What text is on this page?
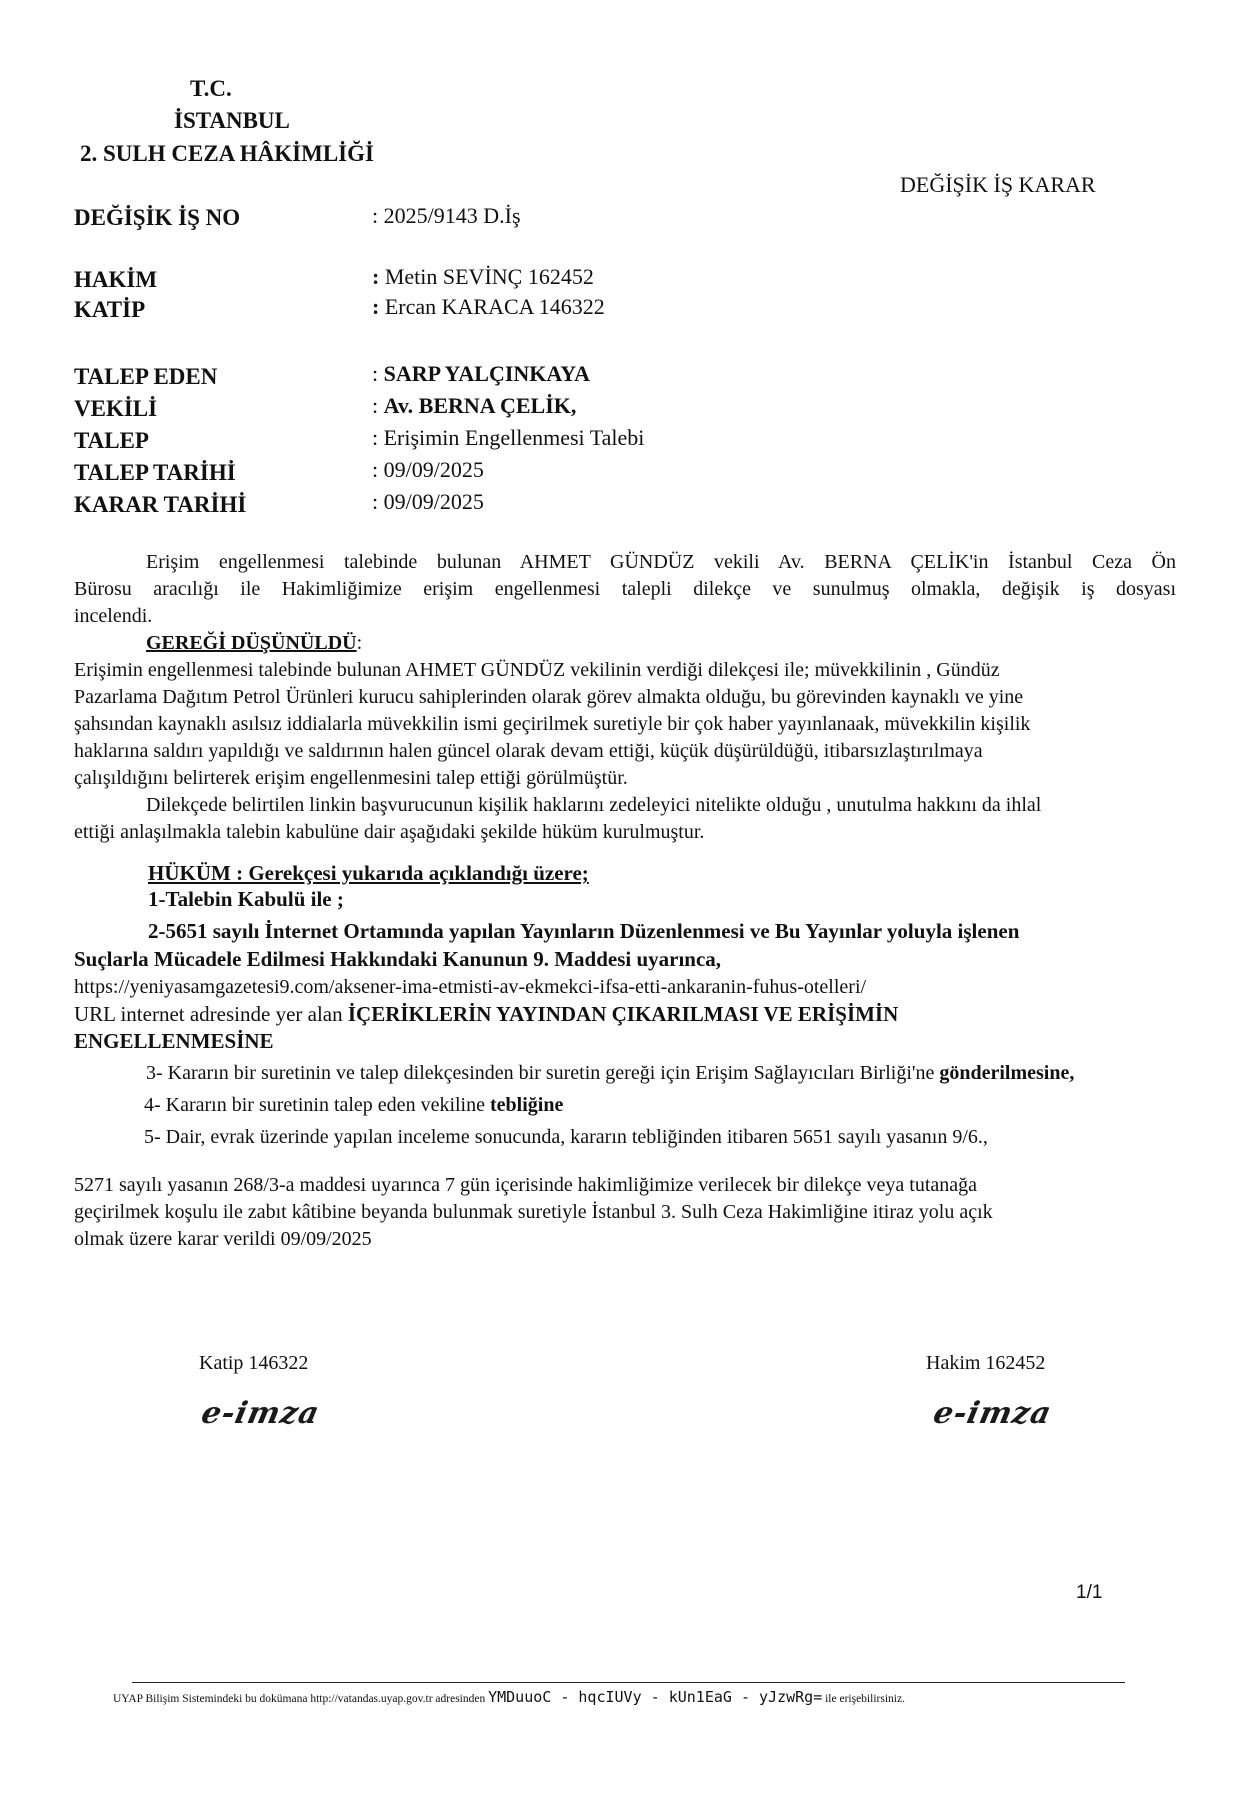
T.C.
İSTANBUL
2. SULH CEZA HÂKİMLİĞİ
DEĞİŞİK İŞ KARAR
DEĞİŞİK İŞ NO	: 2025/9143 D.İş
HAKİM	: Metin SEVİNÇ 162452
KATİP	: Ercan KARACA 146322
TALEP EDEN	: SARP YALÇINKAYA
VEKİLİ	: Av. BERNA ÇELİK,
TALEP	: Erişimin Engellenmesi Talebi
TALEP TARİHİ	: 09/09/2025
KARAR TARİHİ	: 09/09/2025
Erişim engellenmesi talebinde bulunan AHMET GÜNDÜZ vekili Av. BERNA ÇELİK'in İstanbul Ceza Ön
Bürosu aracılığı ile Hakimliğimize erişim engellenmesi talepli dilekçe ve sunulmuş olmakla, değişik iş dosyası
incelendi.
GEREĞİ DÜŞÜNÜLDÜ:
Erişimin engellenmesi talebinde bulunan AHMET GÜNDÜZ vekilinin verdiği dilekçesi ile; müvekkilinin , Gündüz
Pazarlama Dağıtım Petrol Ürünleri kurucu sahiplerinden olarak görev almakta olduğu, bu görevinden kaynaklı ve yine
şahsından kaynaklı asılsız iddialarla müvekkilin ismi geçirilmek suretiyle bir çok haber yayınlanaak, müvekkilin kişilik
haklarına saldırı yapıldığı ve saldırının halen güncel olarak devam ettiği, küçük düşürüldüğü, itibarsızlaştırılmaya
çalışıldığını belirterek erişim engellenmesini talep ettiği görülmüştür.
Dilekçede belirtilen linkin başvurucunun kişilik haklarını zedeleyici nitelikte olduğu , unutulma hakkını da ihlal
ettiği anlaşılmakla talebin kabulüne dair aşağıdaki şekilde hüküm kurulmuştur.
HÜKÜM : Gerekçesi yukarıda açıklandığı üzere;
1-Talebin Kabulü ile ;
2-5651 sayılı İnternet Ortamında yapılan Yayınların Düzenlenmesi ve Bu Yayınlar yoluyla işlenen
Suçlarla Mücadele Edilmesi Hakkındaki Kanunun 9. Maddesi uyarınca,
https://yeniyasamgazetesi9.com/aksener-ima-etmisti-av-ekmekci-ifsa-etti-ankaranin-fuhus-otelleri/
URL internet adresinde yer alan İÇERİKLERİN YAYINDAN ÇIKARILMASI VE ERİŞİMİN
ENGELLENMESİNE
3- Kararın bir suretinin ve talep dilekçesinden bir suretin gereği için Erişim Sağlayıcıları Birliği'ne gönderilmesine,
4- Kararın bir suretinin talep eden vekiline tebliğine
5- Dair, evrak üzerinde yapılan inceleme sonucunda, kararın tebliğinden itibaren 5651 sayılı yasanın 9/6.,
5271 sayılı yasanın 268/3-a maddesi uyarınca 7 gün içerisinde hakimliğimize verilecek bir dilekçe veya tutanağa
geçirilmek koşulu ile zabıt kâtibine beyanda bulunmak suretiyle İstanbul 3. Sulh Ceza Hakimliğine itiraz yolu açık
olmak üzere karar verildi 09/09/2025
Katip 146322	Hakim 162452
e-imza	e-imza
1/1
UYAP Bilişim Sistemindeki bu dokümana http://vatandas.uyap.gov.tr adresinden YMDuuoC - hqcIUVy - kUn1EaG - yJzwRg= ile erişebilirsiniz.
